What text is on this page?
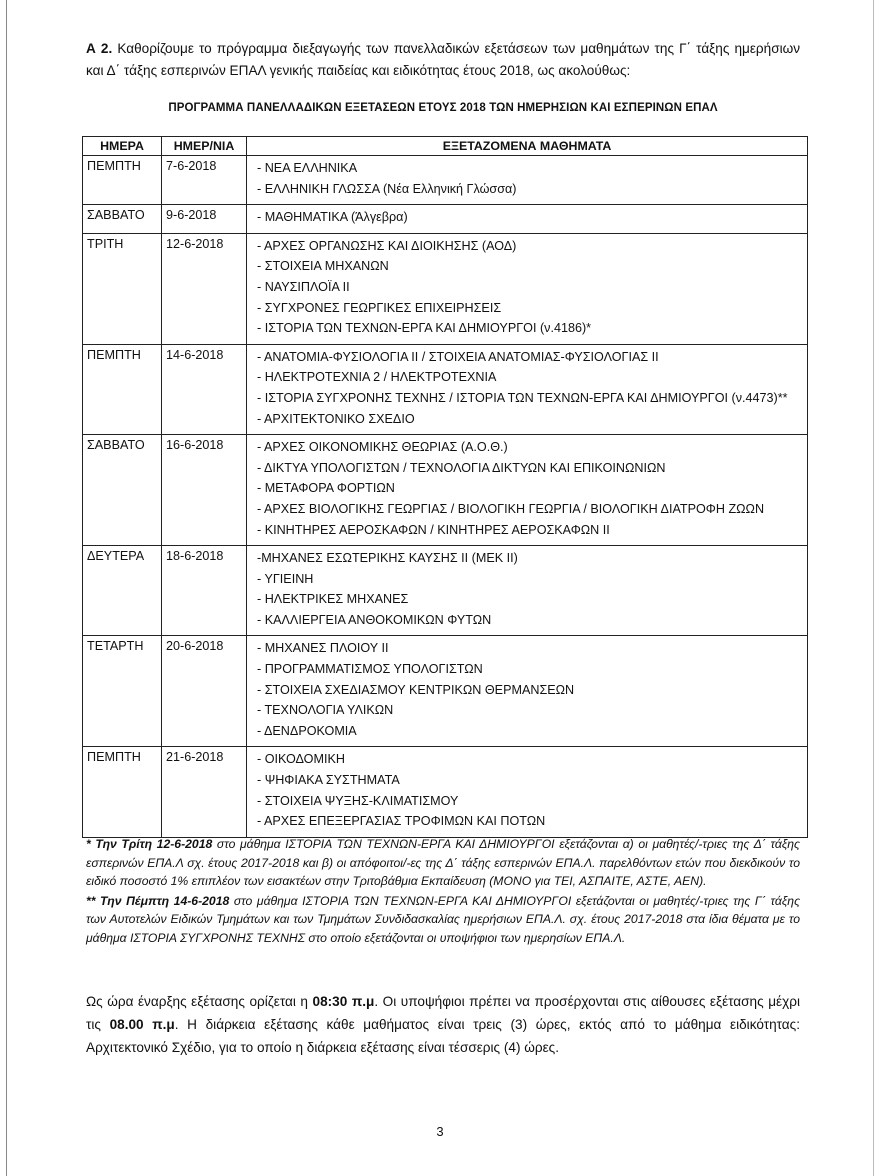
Α 2. Καθορίζουμε το πρόγραμμα διεξαγωγής των πανελλαδικών εξετάσεων των μαθημάτων της Γ΄ τάξης ημερήσιων και Δ΄ τάξης εσπερινών ΕΠΑΛ γενικής παιδείας και ειδικότητας έτους 2018, ως ακολούθως:
ΠΡΟΓΡΑΜΜΑ ΠΑΝΕΛΛΑΔΙΚΩΝ ΕΞΕΤΑΣΕΩΝ ΕΤΟΥΣ 2018 ΤΩΝ ΗΜΕΡΗΣΙΩΝ ΚΑΙ ΕΣΠΕΡΙΝΩΝ ΕΠΑΛ
ΗΜΕΡΑ	ΗΜΕΡ/ΝΙΑ	ΕΞΕΤΑΖΟΜΕΝΑ ΜΑΘΗΜΑΤΑ
ΠΕΜΠΤΗ	7-6-2018	- ΝΕΑ ΕΛΛΗΝΙΚΑ
- ΕΛΛΗΝΙΚΗ ΓΛΩΣΣΑ (Νέα Ελληνική Γλώσσα)

ΣΑΒΒΑΤΟ	9-6-2018	- ΜΑΘΗΜΑΤΙΚΑ (Άλγεβρα)

ΤΡΙΤΗ	12-6-2018	- ΑΡΧΕΣ ΟΡΓΑΝΩΣΗΣ ΚΑΙ ΔΙΟΙΚΗΣΗΣ (ΑΟΔ)
- ΣΤΟΙΧΕΙΑ ΜΗΧΑΝΩΝ
- ΝΑΥΣΙΠΛΟΪΑ ΙΙ
- ΣΥΓΧΡΟΝΕΣ ΓΕΩΡΓΙΚΕΣ ΕΠΙΧΕΙΡΗΣΕΙΣ
- ΙΣΤΟΡΙΑ ΤΩΝ ΤΕΧΝΩΝ-ΕΡΓΑ ΚΑΙ ΔΗΜΙΟΥΡΓΟΙ (ν.4186)*

ΠΕΜΠΤΗ	14-6-2018	- ΑΝΑΤΟΜΙΑ-ΦΥΣΙΟΛΟΓΙΑ ΙΙ / ΣΤΟΙΧΕΙΑ ΑΝΑΤΟΜΙΑΣ-ΦΥΣΙΟΛΟΓΙΑΣ ΙΙ
- ΗΛΕΚΤΡΟΤΕΧΝΙΑ 2 / ΗΛΕΚΤΡΟΤΕΧΝΙΑ
- ΙΣΤΟΡΙΑ ΣΥΓΧΡΟΝΗΣ ΤΕΧΝΗΣ / ΙΣΤΟΡΙΑ ΤΩΝ ΤΕΧΝΩΝ-ΕΡΓΑ ΚΑΙ ΔΗΜΙΟΥΡΓΟΙ (ν.4473)**
- ΑΡΧΙΤΕΚΤΟΝΙΚΟ ΣΧΕΔΙΟ

ΣΑΒΒΑΤΟ	16-6-2018	- ΑΡΧΕΣ ΟΙΚΟΝΟΜΙΚΗΣ ΘΕΩΡΙΑΣ (Α.Ο.Θ.)
- ΔΙΚΤΥΑ ΥΠΟΛΟΓΙΣΤΩΝ / ΤΕΧΝΟΛΟΓΙΑ ΔΙΚΤΥΩΝ ΚΑΙ ΕΠΙΚΟΙΝΩΝΙΩΝ
- ΜΕΤΑΦΟΡΑ ΦΟΡΤΙΩΝ
- ΑΡΧΕΣ ΒΙΟΛΟΓΙΚΗΣ ΓΕΩΡΓΙΑΣ / ΒΙΟΛΟΓΙΚΗ ΓΕΩΡΓΙΑ / ΒΙΟΛΟΓΙΚΗ ΔΙΑΤΡΟΦΗ ΖΩΩΝ
- ΚΙΝΗΤΗΡΕΣ ΑΕΡΟΣΚΑΦΩΝ / ΚΙΝΗΤΗΡΕΣ ΑΕΡΟΣΚΑΦΩΝ ΙΙ

ΔΕΥΤΕΡΑ	18-6-2018	-ΜΗΧΑΝΕΣ ΕΣΩΤΕΡΙΚΗΣ ΚΑΥΣΗΣ ΙΙ (ΜΕΚ ΙΙ)
- ΥΓΙΕΙΝΗ
- ΗΛΕΚΤΡΙΚΕΣ ΜΗΧΑΝΕΣ
- ΚΑΛΛΙΕΡΓΕΙΑ ΑΝΘΟΚΟΜΙΚΩΝ ΦΥΤΩΝ

ΤΕΤΑΡΤΗ	20-6-2018	- ΜΗΧΑΝΕΣ ΠΛΟΙΟΥ ΙΙ
- ΠΡΟΓΡΑΜΜΑΤΙΣΜΟΣ ΥΠΟΛΟΓΙΣΤΩΝ
- ΣΤΟΙΧΕΙΑ ΣΧΕΔΙΑΣΜΟΥ ΚΕΝΤΡΙΚΩΝ ΘΕΡΜΑΝΣΕΩΝ
- ΤΕΧΝΟΛΟΓΙΑ ΥΛΙΚΩΝ
- ΔΕΝΔΡΟΚΟΜΙΑ

ΠΕΜΠΤΗ	21-6-2018	- ΟΙΚΟΔΟΜΙΚΗ
- ΨΗΦΙΑΚΑ ΣΥΣΤΗΜΑΤΑ
- ΣΤΟΙΧΕΙΑ ΨΥΞΗΣ-ΚΛΙΜΑΤΙΣΜΟΥ
- ΑΡΧΕΣ ΕΠΕΞΕΡΓΑΣΙΑΣ ΤΡΟΦΙΜΩΝ ΚΑΙ ΠΟΤΩΝ

* Την Τρίτη 12-6-2018 στο μάθημα ΙΣΤΟΡΙΑ ΤΩΝ ΤΕΧΝΩΝ-ΕΡΓΑ ΚΑΙ ΔΗΜΙΟΥΡΓΟΙ εξετάζονται α) οι μαθητές/-τριες της Δ΄ τάξης εσπερινών ΕΠΑ.Λ σχ. έτους 2017-2018 και β) οι απόφοιτοι/-ες της Δ΄ τάξης εσπερινών ΕΠΑ.Λ. παρελθόντων ετών που διεκδικούν το ειδικό ποσοστό 1% επιπλέον των εισακτέων στην Τριτοβάθμια Εκπαίδευση (ΜΟΝΟ για ΤΕΙ, ΑΣΠΑΙΤΕ, ΑΣΤΕ, ΑΕΝ).

** Την Πέμπτη 14-6-2018 στο μάθημα ΙΣΤΟΡΙΑ ΤΩΝ ΤΕΧΝΩΝ-ΕΡΓΑ ΚΑΙ ΔΗΜΙΟΥΡΓΟΙ εξετάζονται οι μαθητές/-τριες της Γ΄ τάξης των Αυτοτελών Ειδικών Τμημάτων και των Τμημάτων Συνδιδασκαλίας ημερήσιων ΕΠΑ.Λ. σχ. έτους 2017-2018 στα ίδια θέματα με το μάθημα ΙΣΤΟΡΙΑ ΣΥΓΧΡΟΝΗΣ ΤΕΧΝΗΣ στο οποίο εξετάζονται οι υποψήφιοι των ημερησίων ΕΠΑ.Λ.

Ως ώρα έναρξης εξέτασης ορίζεται η 08:30 π.μ. Οι υποψήφιοι πρέπει να προσέρχονται στις αίθουσες εξέτασης μέχρι τις 08.00 π.μ. Η διάρκεια εξέτασης κάθε μαθήματος είναι τρεις (3) ώρες, εκτός από το μάθημα ειδικότητας: Αρχιτεκτονικό Σχέδιο, για το οποίο η διάρκεια εξέτασης είναι τέσσερις (4) ώρες.
3
